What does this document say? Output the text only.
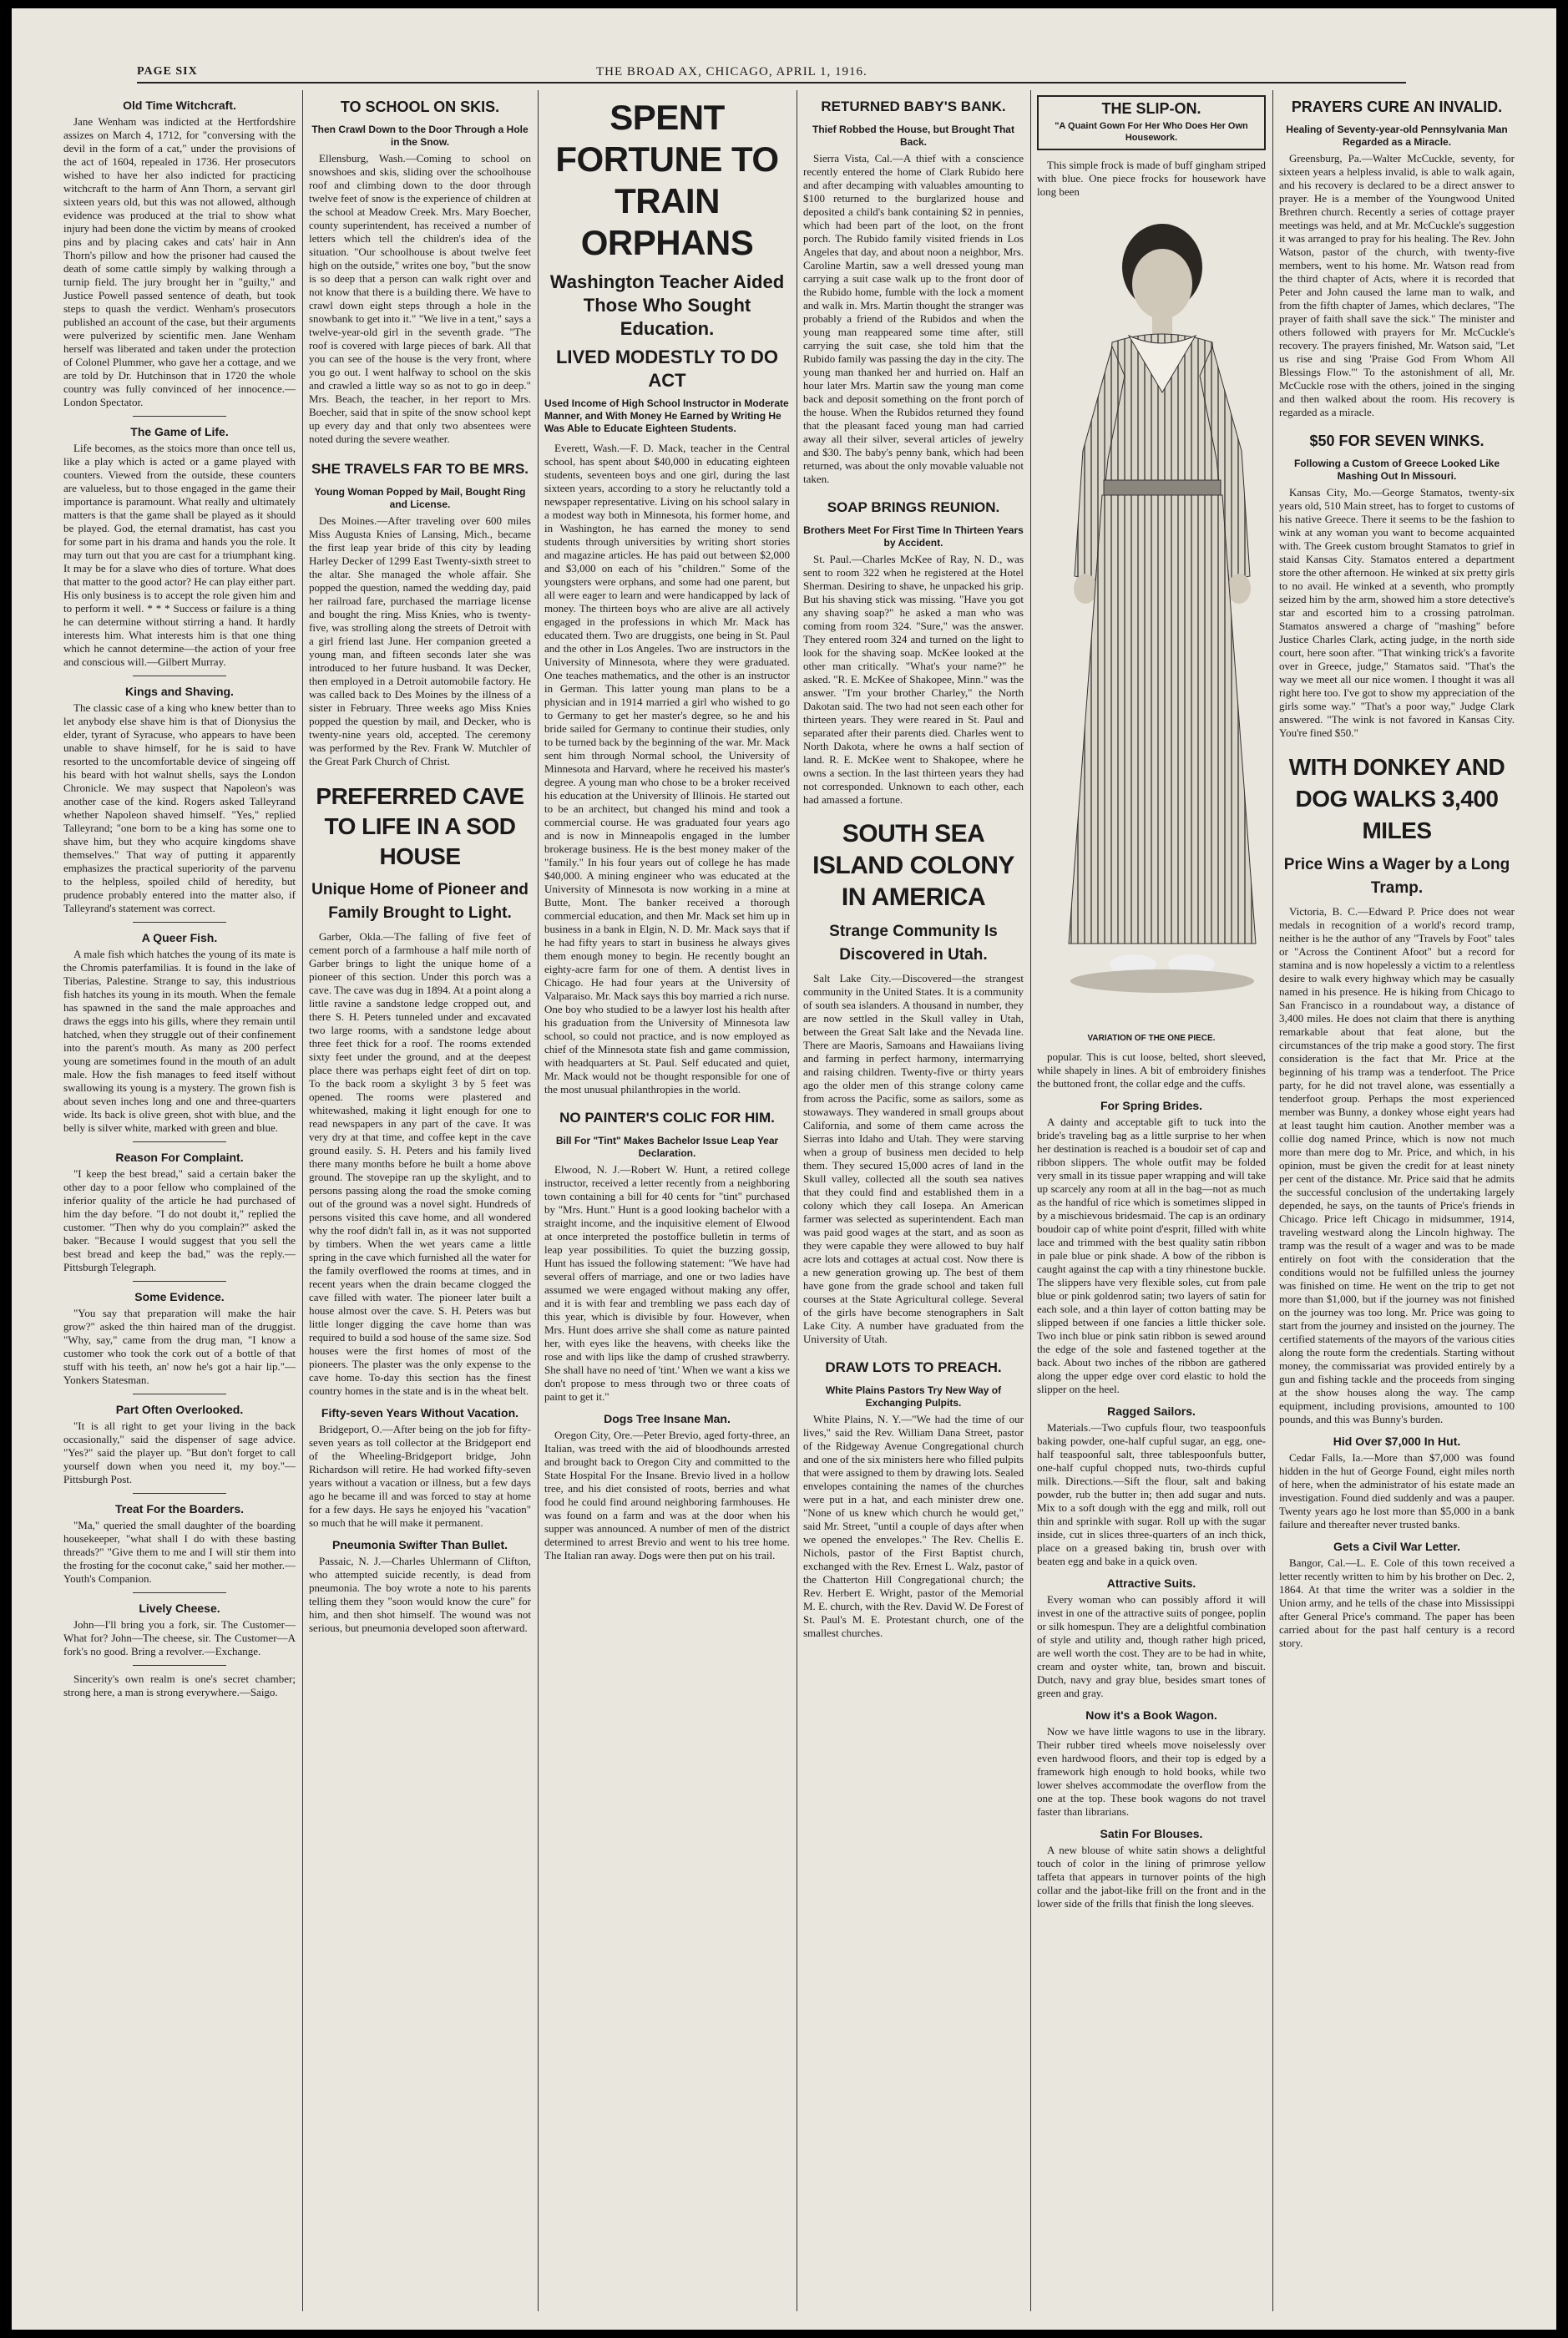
PAGE SIX	THE BROAD AX, CHICAGO, APRIL 1, 1916.
Old Time Witchcraft.

Jane Wenham was indicted at the Hertfordshire assizes on March 4, 1712, for "conversing with the devil in the form of a cat," under the provisions of the act of 1604, repealed in 1736. Her prosecutors wished to have her also indicted for practicing witchcraft to the harm of Ann Thorn, a servant girl sixteen years old, but this was not allowed, although evidence was produced at the trial to show what injury had been done the victim by means of crooked pins and by placing cakes and cats' hair in Ann Thorn's pillow and how the prisoner had caused the death of some cattle simply by walking through a turnip field. The jury brought her in "guilty," and Justice Powell passed sentence of death, but took steps to quash the verdict. Wenham's prosecutors published an account of the case, but their arguments were pulverized by scientific men. Jane Wenham herself was liberated and taken under the protection of Colonel Plummer, who gave her a cottage, and we are told by Dr. Hutchinson that in 1720 the whole country was fully convinced of her innocence.—London Spectator.

The Game of Life.

Life becomes, as the stoics more than once tell us, like a play which is acted or a game played with counters. Viewed from the outside, these counters are valueless, but to those engaged in the game their importance is paramount. What really and ultimately matters is that the game shall be played as it should be played. God, the eternal dramatist, has cast you for some part in his drama and hands you the role. It may turn out that you are cast for a triumphant king. It may be for a slave who dies of torture. What does that matter to the good actor? He can play either part. His only business is to accept the role given him and to perform it well. * * * Success or failure is a thing he can determine without stirring a hand. It hardly interests him. What interests him is that one thing which he cannot determine—the action of your free and conscious will.—Gilbert Murray.

Kings and Shaving.

The classic case of a king who knew better than to let anybody else shave him is that of Dionysius the elder, tyrant of Syracuse, who appears to have been unable to shave himself, for he is said to have resorted to the uncomfortable device of singeing off his beard with hot walnut shells, says the London Chronicle. We may suspect that Napoleon's was another case of the kind. Rogers asked Talleyrand whether Napoleon shaved himself. "Yes," replied Talleyrand; "one born to be a king has some one to shave him, but they who acquire kingdoms shave themselves." That way of putting it apparently emphasizes the practical superiority of the parvenu to the helpless, spoiled child of heredity, but prudence probably entered into the matter also, if Talleyrand's statement was correct.

A Queer Fish.

A male fish which hatches the young of its mate is the Chromis paterfamilias. It is found in the lake of Tiberias, Palestine. Strange to say, this industrious fish hatches its young in its mouth. When the female has spawned in the sand the male approaches and draws the eggs into his gills, where they remain until hatched, when they struggle out of their confinement into the parent's mouth. As many as 200 perfect young are sometimes found in the mouth of an adult male. How the fish manages to feed itself without swallowing its young is a mystery. The grown fish is about seven inches long and one and three-quarters wide. Its back is olive green, shot with blue, and the belly is silver white, marked with green and blue.

Reason For Complaint.

"I keep the best bread," said a certain baker the other day to a poor fellow who complained of the inferior quality of the article he had purchased of him the day before. "I do not doubt it," replied the customer. "Then why do you complain?" asked the baker. "Because I would suggest that you sell the best bread and keep the bad," was the reply.—Pittsburgh Telegraph.

Some Evidence.

"You say that preparation will make the hair grow?" asked the thin haired man of the druggist. "Why, say," came from the drug man, "I know a customer who took the cork out of a bottle of that stuff with his teeth, an' now he's got a hair lip."—Yonkers Statesman.

Part Often Overlooked.

"It is all right to get your living in the back occasionally," said the dispenser of sage advice. "Yes?" said the player up. "But don't forget to call yourself down when you need it, my boy."—Pittsburgh Post.

Treat For the Boarders.

"Ma," queried the small daughter of the boarding housekeeper, "what shall I do with these basting threads?" "Give them to me and I will stir them into the frosting for the coconut cake," said her mother.—Youth's Companion.

Lively Cheese.

John—I'll bring you a fork, sir. The Customer—What for? John—The cheese, sir. The Customer—A fork's no good. Bring a revolver.—Exchange.

Sincerity's own realm is one's secret chamber; strong here, a man is strong everywhere.—Saigo.

TO SCHOOL ON SKIS.
Then Crawl Down to the Door Through a Hole in the Snow.

Ellensburg, Wash.—Coming to school on snowshoes and skis, sliding over the schoolhouse roof and climbing down to the door through twelve feet of snow is the experience of children at the school at Meadow Creek. Mrs. Mary Boecher, county superintendent, has received a number of letters which tell the children's idea of the situation. "Our schoolhouse is about twelve feet high on the outside," writes one boy, "but the snow is so deep that a person can walk right over and not know that there is a building there. We have to crawl down eight steps through a hole in the snowbank to get into it." "We live in a tent," says a twelve-year-old girl in the seventh grade. "The roof is covered with large pieces of bark. All that you can see of the house is the very front, where you go out. I went halfway to school on the skis and crawled a little way so as not to go in deep." Mrs. Beach, the teacher, in her report to Mrs. Boecher, said that in spite of the snow school kept up every day and that only two absentees were noted during the severe weather.

SHE TRAVELS FAR TO BE MRS.
Young Woman Popped by Mail, Bought Ring and License.

Des Moines.—After traveling over 600 miles Miss Augusta Knies of Lansing, Mich., became the first leap year bride of this city by leading Harley Decker of 1299 East Twenty-sixth street to the altar. She managed the whole affair. She popped the question, named the wedding day, paid her railroad fare, purchased the marriage license and bought the ring. Miss Knies, who is twenty-five, was strolling along the streets of Detroit with a girl friend last June. Her companion greeted a young man, and fifteen seconds later she was introduced to her future husband. It was Decker, then employed in a Detroit automobile factory. He was called back to Des Moines by the illness of a sister in February. Three weeks ago Miss Knies popped the question by mail, and Decker, who is twenty-nine years old, accepted. The ceremony was performed by the Rev. Frank W. Mutchler of the Great Park Church of Christ.

PREFERRED CAVE TO LIFE IN A SOD HOUSE
Unique Home of Pioneer and Family Brought to Light.

Garber, Okla.—The falling of five feet of cement porch of a farmhouse a half mile north of Garber brings to light the unique home of a pioneer of this section. Under this porch was a cave. The cave was dug in 1894. At a point along a little ravine a sandstone ledge cropped out, and there S. H. Peters tunneled under and excavated two large rooms, with a sandstone ledge about three feet thick for a roof. The rooms extended sixty feet under the ground, and at the deepest place there was perhaps eight feet of dirt on top. To the back room a skylight 3 by 5 feet was opened. The rooms were plastered and whitewashed, making it light enough for one to read newspapers in any part of the cave. It was very dry at that time, and coffee kept in the cave ground easily. S. H. Peters and his family lived there many months before he built a home above ground. The stovepipe ran up the skylight, and to persons passing along the road the smoke coming out of the ground was a novel sight. Hundreds of persons visited this cave home, and all wondered why the roof didn't fall in, as it was not supported by timbers. When the wet years came a little spring in the cave which furnished all the water for the family overflowed the rooms at times, and in recent years when the drain became clogged the cave filled with water. The pioneer later built a house almost over the cave. S. H. Peters was but little longer digging the cave home than was required to build a sod house of the same size. Sod houses were the first homes of most of the pioneers. The plaster was the only expense to the cave home. To-day this section has the finest country homes in the state and is in the wheat belt.

Fifty-seven Years Without Vacation.

Bridgeport, O.—After being on the job for fifty-seven years as toll collector at the Bridgeport end of the Wheeling-Bridgeport bridge, John Richardson will retire. He had worked fifty-seven years without a vacation or illness, but a few days ago he became ill and was forced to stay at home for a few days. He says he enjoyed his "vacation" so much that he will make it permanent.

Pneumonia Swifter Than Bullet.

Passaic, N. J.—Charles Uhlermann of Clifton, who attempted suicide recently, is dead from pneumonia. The boy wrote a note to his parents telling them they "soon would know the cure" for him, and then shot himself. The wound was not serious, but pneumonia developed soon afterward.

SPENT FORTUNE TO TRAIN ORPHANS
Washington Teacher Aided Those Who Sought Education.
LIVED MODESTLY TO DO ACT
Used Income of High School Instructor in Moderate Manner, and With Money He Earned by Writing He Was Able to Educate Eighteen Students.

Everett, Wash.—F. D. Mack, teacher in the Central school, has spent about $40,000 in educating eighteen students, seventeen boys and one girl, during the last sixteen years, according to a story he reluctantly told a newspaper representative. Living on his school salary in a modest way both in Minnesota, his former home, and in Washington, he has earned the money to send students through universities by writing short stories and magazine articles. He has paid out between $2,000 and $3,000 on each of his "children." Some of the youngsters were orphans, and some had one parent, but all were eager to learn and were handicapped by lack of money. The thirteen boys who are alive are all actively engaged in the professions in which Mr. Mack has educated them. Two are druggists, one being in St. Paul and the other in Los Angeles. Two are instructors in the University of Minnesota, where they were graduated. One teaches mathematics, and the other is an instructor in German. This latter young man plans to be a physician and in 1914 married a girl who wished to go to Germany to get her master's degree, so he and his bride sailed for Germany to continue their studies, only to be turned back by the beginning of the war. Mr. Mack sent him through Normal school, the University of Minnesota and Harvard, where he received his master's degree. A young man who chose to be a broker received his education at the University of Illinois. He started out to be an architect, but changed his mind and took a commercial course. He was graduated four years ago and is now in Minneapolis engaged in the lumber brokerage business. He is the best money maker of the "family." In his four years out of college he has made $40,000. A mining engineer who was educated at the University of Minnesota is now working in a mine at Butte, Mont. The banker received a thorough commercial education, and then Mr. Mack set him up in business in a bank in Elgin, N. D. Mr. Mack says that if he had fifty years to start in business he always gives them enough money to begin. He recently bought an eighty-acre farm for one of them. A dentist lives in Chicago. He had four years at the University of Valparaiso. Mr. Mack says this boy married a rich nurse. One boy who studied to be a lawyer lost his health after his graduation from the University of Minnesota law school, so could not practice, and is now employed as chief of the Minnesota state fish and game commission, with headquarters at St. Paul. Self educated and quiet, Mr. Mack would not be thought responsible for one of the most unusual philanthropies in the world.

NO PAINTER'S COLIC FOR HIM.
Bill For "Tint" Makes Bachelor Issue Leap Year Declaration.

Elwood, N. J.—Robert W. Hunt, a retired college instructor, received a letter recently from a neighboring town containing a bill for 40 cents for "tint" purchased by "Mrs. Hunt." Hunt is a good looking bachelor with a straight income, and the inquisitive element of Elwood at once interpreted the postoffice bulletin in terms of leap year possibilities. To quiet the buzzing gossip, Hunt has issued the following statement: "We have had several offers of marriage, and one or two ladies have assumed we were engaged without making any offer, and it is with fear and trembling we pass each day of this year, which is divisible by four. However, when Mrs. Hunt does arrive she shall come as nature painted her, with eyes like the heavens, with cheeks like the rose and with lips like the damp of crushed strawberry. She shall have no need of 'tint.' When we want a kiss we don't propose to mess through two or three coats of paint to get it."

Dogs Tree Insane Man.

Oregon City, Ore.—Peter Brevio, aged forty-three, an Italian, was treed with the aid of bloodhounds arrested and brought back to Oregon City and committed to the State Hospital For the Insane. Brevio lived in a hollow tree, and his diet consisted of roots, berries and what food he could find around neighboring farmhouses. He was found on a farm and was at the door when his supper was announced. A number of men of the district determined to arrest Brevio and went to his tree home. The Italian ran away. Dogs were then put on his trail.

RETURNED BABY'S BANK.
Thief Robbed the House, but Brought That Back.

Sierra Vista, Cal.—A thief with a conscience recently entered the home of Clark Rubido here and after decamping with valuables amounting to $100 returned to the burglarized house and deposited a child's bank containing $2 in pennies, which had been part of the loot, on the front porch. The Rubido family visited friends in Los Angeles that day, and about noon a neighbor, Mrs. Caroline Martin, saw a well dressed young man carrying a suit case walk up to the front door of the Rubido home, fumble with the lock a moment and walk in. Mrs. Martin thought the stranger was probably a friend of the Rubidos and when the young man reappeared some time after, still carrying the suit case, she told him that the Rubido family was passing the day in the city. The young man thanked her and hurried on. Half an hour later Mrs. Martin saw the young man come back and deposit something on the front porch of the house. When the Rubidos returned they found that the pleasant faced young man had carried away all their silver, several articles of jewelry and $30. The baby's penny bank, which had been returned, was about the only movable valuable not taken.

SOAP BRINGS REUNION.
Brothers Meet For First Time In Thirteen Years by Accident.

St. Paul.—Charles McKee of Ray, N. D., was sent to room 322 when he registered at the Hotel Sherman. Desiring to shave, he unpacked his grip. But his shaving stick was missing. "Have you got any shaving soap?" he asked a man who was coming from room 324. "Sure," was the answer. They entered room 324 and turned on the light to look for the shaving soap. McKee looked at the other man critically. "What's your name?" he asked. "R. E. McKee of Shakopee, Minn." was the answer. "I'm your brother Charley," the North Dakotan said. The two had not seen each other for thirteen years. They were reared in St. Paul and separated after their parents died. Charles went to North Dakota, where he owns a half section of land. R. E. McKee went to Shakopee, where he owns a section. In the last thirteen years they had not corresponded. Unknown to each other, each had amassed a fortune.

SOUTH SEA ISLAND COLONY IN AMERICA
Strange Community Is Discovered in Utah.

Salt Lake City.—Discovered—the strangest community in the United States. It is a community of south sea islanders. A thousand in number, they are now settled in the Skull valley in Utah, between the Great Salt lake and the Nevada line. There are Maoris, Samoans and Hawaiians living and farming in perfect harmony, intermarrying and raising children. Twenty-five or thirty years ago the older men of this strange colony came from across the Pacific, some as sailors, some as stowaways. They wandered in small groups about California, and some of them came across the Sierras into Idaho and Utah. They were starving when a group of business men decided to help them. They secured 15,000 acres of land in the Skull valley, collected all the south sea natives that they could find and established them in a colony which they call Iosepa. An American farmer was selected as superintendent. Each man was paid good wages at the start, and as soon as they were capable they were allowed to buy half acre lots and cottages at actual cost. Now there is a new generation growing up. The best of them have gone from the grade school and taken full courses at the State Agricultural college. Several of the girls have become stenographers in Salt Lake City. A number have graduated from the University of Utah.

DRAW LOTS TO PREACH.
White Plains Pastors Try New Way of Exchanging Pulpits.

White Plains, N. Y.—"We had the time of our lives," said the Rev. William Dana Street, pastor of the Ridgeway Avenue Congregational church and one of the six ministers here who filled pulpits that were assigned to them by drawing lots. Sealed envelopes containing the names of the churches were put in a hat, and each minister drew one. "None of us knew which church he would get," said Mr. Street, "until a couple of days after when we opened the envelopes." The Rev. Chellis E. Nichols, pastor of the First Baptist church, exchanged with the Rev. Ernest L. Walz, pastor of the Chatterton Hill Congregational church; the Rev. Herbert E. Wright, pastor of the Memorial M. E. church, with the Rev. David W. De Forest of St. Paul's M. E. Protestant church, one of the smallest churches.

THE SLIP-ON.
"A Quaint Gown For Her Who Does Her Own Housework.

This simple frock is made of buff gingham striped with blue. One piece frocks for housework have long been

VARIATION OF THE ONE PIECE.

popular. This is cut loose, belted, short sleeved, while shapely in lines. A bit of embroidery finishes the buttoned front, the collar edge and the cuffs.

For Spring Brides.

A dainty and acceptable gift to tuck into the bride's traveling bag as a little surprise to her when her destination is reached is a boudoir set of cap and ribbon slippers. The whole outfit may be folded very small in its tissue paper wrapping and will take up scarcely any room at all in the bag—not as much as the handful of rice which is sometimes slipped in by a mischievous bridesmaid. The cap is an ordinary boudoir cap of white point d'esprit, filled with white lace and trimmed with the best quality satin ribbon in pale blue or pink shade. A bow of the ribbon is caught against the cap with a tiny rhinestone buckle. The slippers have very flexible soles, cut from pale blue or pink goldenrod satin; two layers of satin for each sole, and a thin layer of cotton batting may be slipped between if one fancies a little thicker sole. Two inch blue or pink satin ribbon is sewed around the edge of the sole and fastened together at the back. About two inches of the ribbon are gathered along the upper edge over cord elastic to hold the slipper on the heel.

Ragged Sailors.

Materials.—Two cupfuls flour, two teaspoonfuls baking powder, one-half cupful sugar, an egg, one-half teaspoonful salt, three tablespoonfuls butter, one-half cupful chopped nuts, two-thirds cupful milk. Directions.—Sift the flour, salt and baking powder, rub the butter in; then add sugar and nuts. Mix to a soft dough with the egg and milk, roll out thin and sprinkle with sugar. Roll up with the sugar inside, cut in slices three-quarters of an inch thick, place on a greased baking tin, brush over with beaten egg and bake in a quick oven.

Attractive Suits.

Every woman who can possibly afford it will invest in one of the attractive suits of pongee, poplin or silk homespun. They are a delightful combination of style and utility and, though rather high priced, are well worth the cost. They are to be had in white, cream and oyster white, tan, brown and biscuit. Dutch, navy and gray blue, besides smart tones of green and gray.

Now it's a Book Wagon.

Now we have little wagons to use in the library. Their rubber tired wheels move noiselessly over even hardwood floors, and their top is edged by a framework high enough to hold books, while two lower shelves accommodate the overflow from the one at the top. These book wagons do not travel faster than librarians.

Satin For Blouses.

A new blouse of white satin shows a delightful touch of color in the lining of primrose yellow taffeta that appears in turnover points of the high collar and the jabot-like frill on the front and in the lower side of the frills that finish the long sleeves.

PRAYERS CURE AN INVALID.
Healing of Seventy-year-old Pennsylvania Man Regarded as a Miracle.

Greensburg, Pa.—Walter McCuckle, seventy, for sixteen years a helpless invalid, is able to walk again, and his recovery is declared to be a direct answer to prayer. He is a member of the Youngwood United Brethren church. Recently a series of cottage prayer meetings was held, and at Mr. McCuckle's suggestion it was arranged to pray for his healing. The Rev. John Watson, pastor of the church, with twenty-five members, went to his home. Mr. Watson read from the third chapter of Acts, where it is recorded that Peter and John caused the lame man to walk, and from the fifth chapter of James, which declares, "The prayer of faith shall save the sick." The minister and others followed with prayers for Mr. McCuckle's recovery. The prayers finished, Mr. Watson said, "Let us rise and sing 'Praise God From Whom All Blessings Flow.'" To the astonishment of all, Mr. McCuckle rose with the others, joined in the singing and then walked about the room. His recovery is regarded as a miracle.

$50 FOR SEVEN WINKS.
Following a Custom of Greece Looked Like Mashing Out In Missouri.

Kansas City, Mo.—George Stamatos, twenty-six years old, 510 Main street, has to forget to customs of his native Greece. There it seems to be the fashion to wink at any woman you want to become acquainted with. The Greek custom brought Stamatos to grief in staid Kansas City. Stamatos entered a department store the other afternoon. He winked at six pretty girls to no avail. He winked at a seventh, who promptly seized him by the arm, showed him a store detective's star and escorted him to a crossing patrolman. Stamatos answered a charge of "mashing" before Justice Charles Clark, acting judge, in the north side court, here soon after. "That winking trick's a favorite over in Greece, judge," Stamatos said. "That's the way we meet all our nice women. I thought it was all right here too. I've got to show my appreciation of the girls some way." "That's a poor way," Judge Clark answered. "The wink is not favored in Kansas City. You're fined $50."

WITH DONKEY AND DOG WALKS 3,400 MILES
Price Wins a Wager by a Long Tramp.

Victoria, B. C.—Edward P. Price does not wear medals in recognition of a world's record tramp, neither is he the author of any "Travels by Foot" tales or "Across the Continent Afoot" but a record for stamina and is now hopelessly a victim to a relentless desire to walk every highway which may be casually named in his presence. He is hiking from Chicago to San Francisco in a roundabout way, a distance of 3,400 miles. He does not claim that there is anything remarkable about that feat alone, but the circumstances of the trip make a good story. The first consideration is the fact that Mr. Price at the beginning of his tramp was a tenderfoot. The Price party, for he did not travel alone, was essentially a tenderfoot group. Perhaps the most experienced member was Bunny, a donkey whose eight years had at least taught him caution. Another member was a collie dog named Prince, which is now not much more than mere dog to Mr. Price, and which, in his opinion, must be given the credit for at least ninety per cent of the distance. Mr. Price said that he admits the successful conclusion of the undertaking largely depended, he says, on the taunts of Price's friends in Chicago. Price left Chicago in midsummer, 1914, traveling westward along the Lincoln highway. The tramp was the result of a wager and was to be made entirely on foot with the consideration that the conditions would not be fulfilled unless the journey was finished on time. He went on the trip to get not more than $1,000, but if the journey was not finished on the journey was too long. Mr. Price was going to start from the journey and insisted on the journey. The certified statements of the mayors of the various cities along the route form the credentials. Starting without money, the commissariat was provided entirely by a gun and fishing tackle and the proceeds from singing at the show houses along the way. The camp equipment, including provisions, amounted to 100 pounds, and this was Bunny's burden.

Hid Over $7,000 In Hut.

Cedar Falls, Ia.—More than $7,000 was found hidden in the hut of George Found, eight miles north of here, when the administrator of his estate made an investigation. Found died suddenly and was a pauper. Twenty years ago he lost more than $5,000 in a bank failure and thereafter never trusted banks.

Gets a Civil War Letter.

Bangor, Cal.—L. E. Cole of this town received a letter recently written to him by his brother on Dec. 2, 1864. At that time the writer was a soldier in the Union army, and he tells of the chase into Mississippi after General Price's command. The paper has been carried about for the past half century is a record story.
